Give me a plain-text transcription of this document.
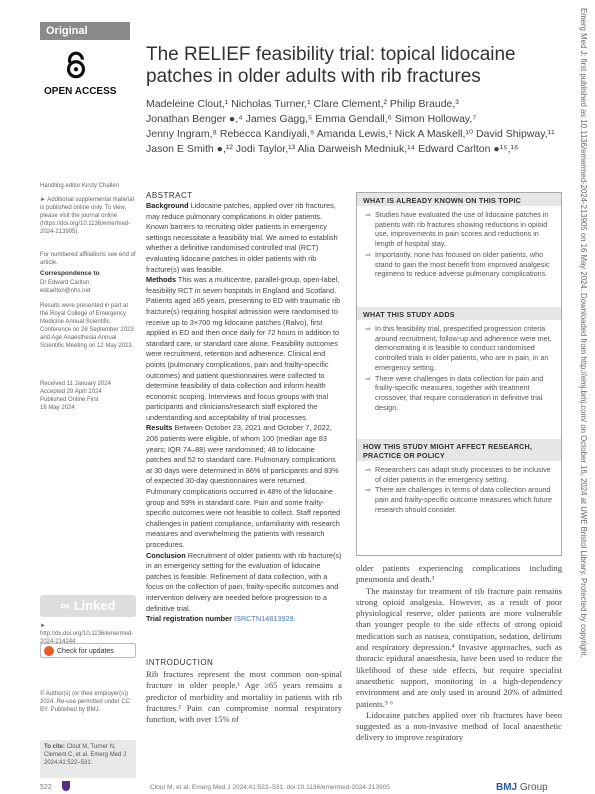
Original research
OPEN ACCESS
The RELIEF feasibility trial: topical lidocaine patches in older adults with rib fractures
Madeleine Clout,¹ Nicholas Turner,¹ Clare Clement,² Philip Braude,³
Jonathan Benger ●,⁴ James Gagg,⁵ Emma Gendall,⁶ Simon Holloway,⁷
Jenny Ingram,⁸ Rebecca Kandiyali,⁹ Amanda Lewis,¹ Nick A Maskell,¹⁰ David Shipway,¹¹
Jason E Smith ●,¹² Jodi Taylor,¹³ Alia Darweish Medniuk,¹⁴ Edward Carlton ●¹⁵,¹⁶
Handling editor Kirsty Challen
► Additional supplemental material is published online only. To view, please visit the journal online (https://doi.org/10.1136/emermed-2024-213905).
For numbered affiliations see end of article.
Correspondence to
Dr Edward Carlton; edcarlton@nhs.net
Results were presented in part at the Royal College of Emergency Medicine Annual Scientific Conference on 26 September 2023 and Age Anaesthesia Annual Scientific Meeting on 12 May 2023.
Received 11 January 2024
Accepted 29 April 2024
Published Online First
16 May 2024
∞ Linked
► http://dx.doi.org/10.1136/emermed-2024-214244
Check for updates
© Author(s) (or their employer(s)) 2024. Re-use permitted under CC BY. Published by BMJ.
To cite: Clout M, Turner N, Clement C, et al. Emerg Med J 2024;41:522–531.
ABSTRACT
Background Lidocaine patches, applied over rib fractures, may reduce pulmonary complications in older patients. Known barriers to recruiting older patients in emergency settings necessitate a feasibility trial. We aimed to establish whether a definitive randomised controlled trial (RCT) evaluating lidocaine patches in older patients with rib fracture(s) was feasible.
Methods This was a multicentre, parallel-group, open-label, feasibility RCT in seven hospitals in England and Scotland. Patients aged ≥65 years, presenting to ED with traumatic rib fracture(s) requiring hospital admission were randomised to receive up to 3×700 mg lidocaine patches (Ralvo), first applied in ED and then once daily for 72 hours in addition to standard care, or standard care alone. Feasibility outcomes were recruitment, retention and adherence. Clinical end points (pulmonary complications, pain and frailty-specific outcomes) and patient questionnaires were collected to determine feasibility of data collection and inform health economic scoping. Interviews and focus groups with trial participants and clinicians/research staff explored the understanding and acceptability of trial processes.
Results Between October 23, 2021 and October 7, 2022, 206 patients were eligible, of whom 100 (median age 83 years; IQR 74–88) were randomised; 48 to lidocaine patches and 52 to standard care. Pulmonary complications at 30 days were determined in 86% of participants and 83% of expected 30-day questionnaires were returned. Pulmonary complications occurred in 48% of the lidocaine group and 59% in standard care. Pain and some frailty-specific outcomes were not feasible to collect. Staff reported challenges in patient compliance, unfamiliarity with research measures and overwhelming the patients with research procedures.
Conclusion Recruitment of older patients with rib fracture(s) in an emergency setting for the evaluation of lidocaine patches is feasible. Refinement of data collection, with a focus on the collection of pain, frailty-specific outcomes and intervention delivery are needed before progression to a definitive trial.
Trial registration number ISRCTN14813929.
WHAT IS ALREADY KNOWN ON THIS TOPIC
⇒ Studies have evaluated the use of lidocaine patches in patients with rib fractures showing reductions in opioid use, improvements in pain scores and reductions in length of hospital stay.
⇒ Importantly, none has focused on older patients, who stand to gain the most benefit from improved analgesic regimens to reduce adverse pulmonary complications.
WHAT THIS STUDY ADDS
⇒ In this feasibility trial, prespecified progression criteria around recruitment, follow-up and adherence were met, demonstrating it is feasible to conduct randomised controlled trials in older patients, who are in pain, in an emergency setting.
⇒ There were challenges in data collection for pain and frailty-specific measures, together with treatment crossover, that require consideration in definitive trial design.
HOW THIS STUDY MIGHT AFFECT RESEARCH, PRACTICE OR POLICY
⇒ Researchers can adapt study processes to be inclusive of older patients in the emergency setting.
⇒ There are challenges in terms of data collection around pain and frailty-specific outcome measures which future research should consider.
INTRODUCTION
Rib fractures represent the most common non-spinal fracture in older people.¹ Age ≥65 years remains a predictor of morbidity and mortality in patients with rib fractures.² Pain can compromise normal respiratory function, with over 15% of

older patients experiencing complications including pneumonia and death.³

The mainstay for treatment of rib fracture pain remains strong opioid analgesia. However, as a result of poor physiological reserve, older patients are more vulnerable than younger people to the side effects of strong opioid medication such as nausea, constipation, sedation, delirium and respiratory depression.⁴ Invasive approaches, such as thoracic epidural anaesthesia, have been used to reduce the likelihood of these side effects, but require specialist anaesthetic support, monitoring in a high-dependency environment and are only used in around 20% of admitted patients.⁵ ⁶

Lidocaine patches applied over rib fractures have been suggested as a non-invasive method of local anaesthetic delivery to improve respiratory

522	Clout M, et al. Emerg Med J 2024;41:522–531. doi:10.1136/emermed-2024-213905	BMJ Group
Emerg Med J: first published as 10.1136/emermed-2024-213905 on 16 May 2024. Downloaded from http://emj.bmj.com/ on October 16, 2024 at UWE Bristol Library. Protected by copyright.
